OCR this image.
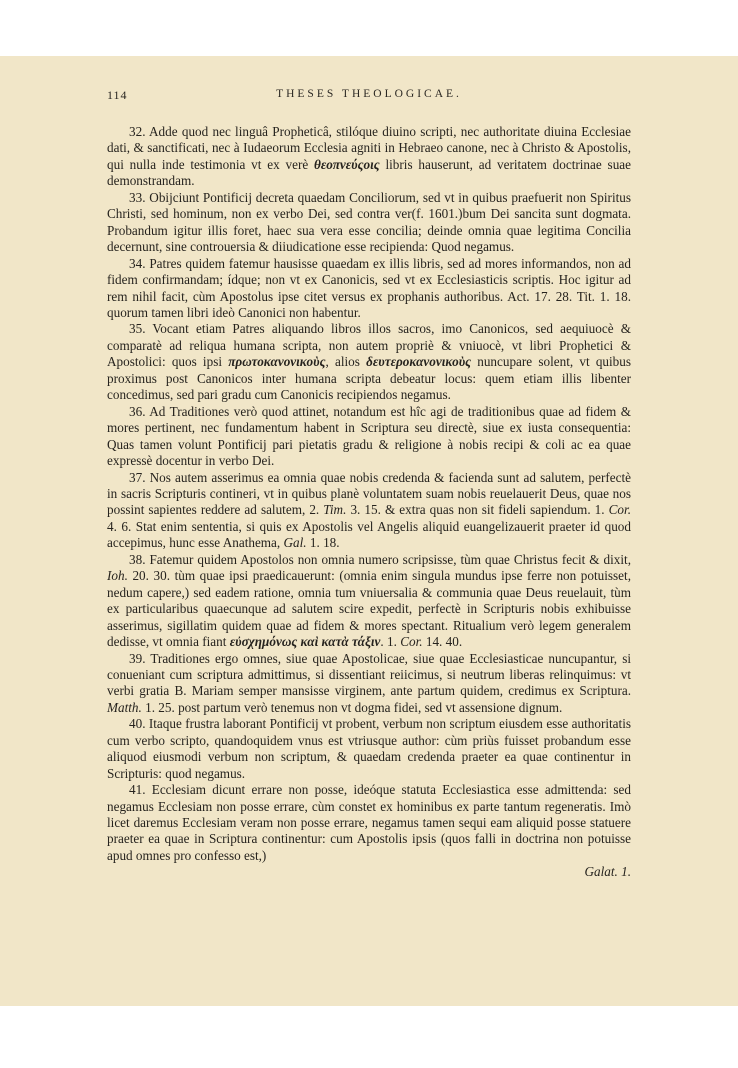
114	THESES THEOLOGICAE.

32. Adde quod nec linguâ Propheticâ, stilóque diuino scripti, nec authoritate diuina Ecclesiae dati, & sanctificati, nec à Iudaeorum Ecclesia agniti in Hebraeo canone, nec à Christo & Apostolis, qui nulla inde testimonia vt ex verè θεοπνεύςοις libris hauserunt, ad veritatem doctrinae suae demonstrandam.

33. Obijciunt Pontificij decreta quaedam Conciliorum, sed vt in quibus praefuerit non Spiritus Christi, sed hominum, non ex verbo Dei, sed contra ver(f. 1601.)bum Dei sancita sunt dogmata. Probandum igitur illis foret, haec sua vera esse concilia; deinde omnia quae legitima Concilia decernunt, sine controuersia & diiudicatione esse recipienda: Quod negamus.

34. Patres quidem fatemur hausisse quaedam ex illis libris, sed ad mores informandos, non ad fidem confirmandam; ídque; non vt ex Canonicis, sed vt ex Ecclesiasticis scriptis. Hoc igitur ad rem nihil facit, cùm Apostolus ipse citet versus ex prophanis authoribus. Act. 17. 28. Tit. 1. 18. quorum tamen libri ideò Canonici non habentur.

35. Vocant etiam Patres aliquando libros illos sacros, imo Canonicos, sed aequiuocè & comparatè ad reliqua humana scripta, non autem propriè & vniuocè, vt libri Prophetici & Apostolici: quos ipsi πρωτοκανονικοὺς, alios δευτεροκανονικοὺς nuncupare solent, vt quibus proximus post Canonicos inter humana scripta debeatur locus: quem etiam illis libenter concedimus, sed pari gradu cum Canonicis recipiendos negamus.

36. Ad Traditiones verò quod attinet, notandum est hîc agi de traditionibus quae ad fidem & mores pertinent, nec fundamentum habent in Scriptura seu directè, siue ex iusta consequentia: Quas tamen volunt Pontificij pari pietatis gradu & religione à nobis recipi & coli ac ea quae expressè docentur in verbo Dei.

37. Nos autem asserimus ea omnia quae nobis credenda & facienda sunt ad salutem, perfectè in sacris Scripturis contineri, vt in quibus planè voluntatem suam nobis reuelauerit Deus, quae nos possint sapientes reddere ad salutem, 2. Tim. 3. 15. & extra quas non sit fideli sapiendum. 1. Cor. 4. 6. Stat enim sententia, si quis ex Apostolis vel Angelis aliquid euangelizauerit praeter id quod accepimus, hunc esse Anathema, Gal. 1. 18.

38. Fatemur quidem Apostolos non omnia numero scripsisse, tùm quae Christus fecit & dixit, Ioh. 20. 30. tùm quae ipsi praedicauerunt: (omnia enim singula mundus ipse ferre non potuisset, nedum capere,) sed eadem ratione, omnia tum vniuersalia & communia quae Deus reuelauit, tùm ex particularibus quaecunque ad salutem scire expedit, perfectè in Scripturis nobis exhibuisse asserimus, sigillatim quidem quae ad fidem & mores spectant. Ritualium verò legem generalem dedisse, vt omnia fiant εὐσχημόνως καὶ κατὰ τάξιν. 1. Cor. 14. 40.

39. Traditiones ergo omnes, siue quae Apostolicae, siue quae Ecclesiasticae nuncupantur, si conueniant cum scriptura admittimus, si dissentiant reiicimus, si neutrum liberas relinquimus: vt verbi gratia B. Mariam semper mansisse virginem, ante partum quidem, credimus ex Scriptura. Matth. 1. 25. post partum verò tenemus non vt dogma fidei, sed vt assensione dignum.

40. Itaque frustra laborant Pontificij vt probent, verbum non scriptum eiusdem esse authoritatis cum verbo scripto, quandoquidem vnus est vtriusque author: cùm priùs fuisset probandum esse aliquod eiusmodi verbum non scriptum, & quaedam credenda praeter ea quae continentur in Scripturis: quod negamus.

41. Ecclesiam dicunt errare non posse, ideóque statuta Ecclesiastica esse admittenda: sed negamus Ecclesiam non posse errare, cùm constet ex hominibus ex parte tantum regeneratis. Imò licet daremus Ecclesiam veram non posse errare, negamus tamen sequi eam aliquid posse statuere praeter ea quae in Scriptura continentur: cum Apostolis ipsis (quos falli in doctrina non potuisse apud omnes pro confesso est,)

Galat. 1.
